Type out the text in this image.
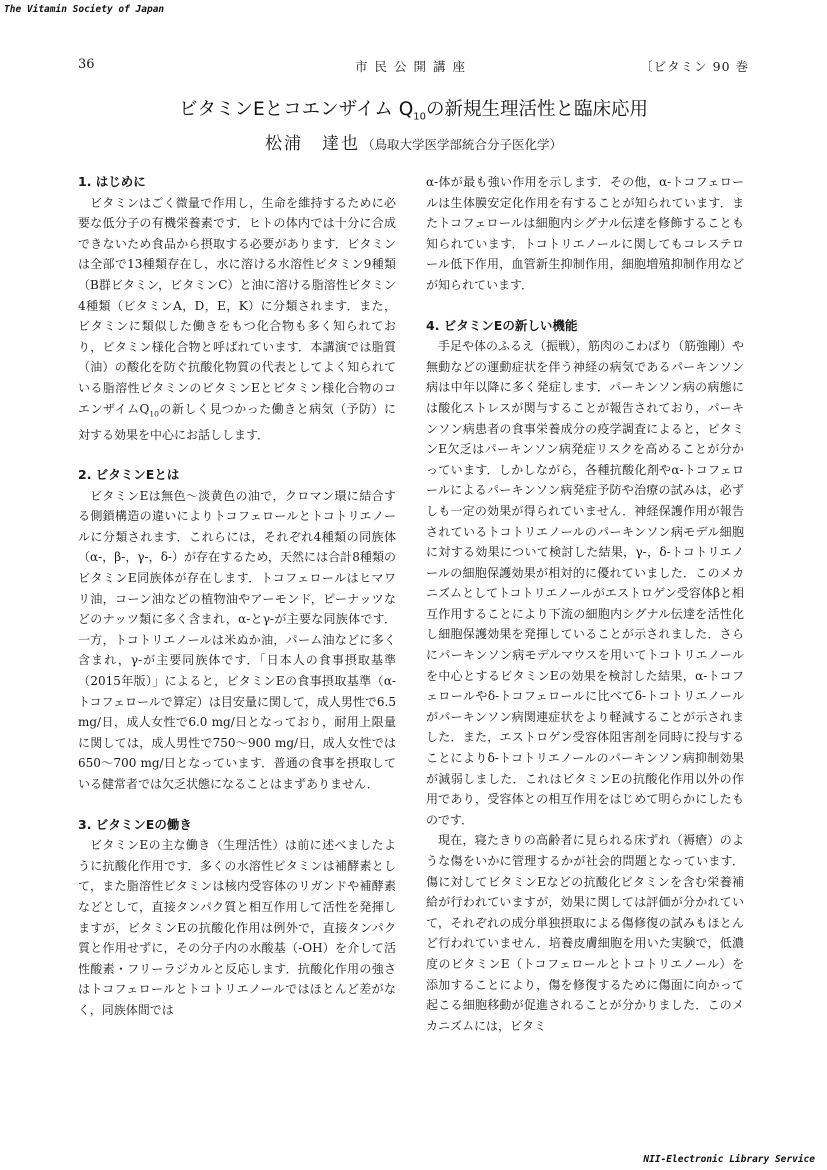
The Vitamin Society of Japan
36	市民公開講座	〔ビタミン 90 巻
ビタミンEとコエンザイム $Q_{10}$の新規生理活性と臨床応用
松浦　達也 （鳥取大学医学部統合分子医化学）
1. はじめに

ビタミンはごく微量で作用し，生命を維持するために必要な低分子の有機栄養素です．ヒトの体内では十分に合成できないため食品から摂取する必要があります．ビタミンは全部で13種類存在し，水に溶ける水溶性ビタミン9種類（B群ビタミン，ビタミンC）と油に溶ける脂溶性ビタミン4種類（ビタミンA，D，E，K）に分類されます．また，ビタミンに類似した働きをもつ化合物も多く知られており，ビタミン様化合物と呼ばれています．本講演では脂質（油）の酸化を防ぐ抗酸化物質の代表としてよく知られている脂溶性ビタミンのビタミンEとビタミン様化合物のコエンザイム$Q_{10}$の新しく見つかった働きと病気（予防）に対する効果を中心にお話しします．

2. ビタミンEとは

ビタミンEは無色～淡黄色の油で，クロマン環に結合する側鎖構造の違いによりトコフェロールとトコトリエノールに分類されます．これらには，それぞれ4種類の同族体（α-，β-，γ-，δ-）が存在するため，天然には合計8種類のビタミンE同族体が存在します．トコフェロールはヒマワリ油，コーン油などの植物油やアーモンド，ピーナッツなどのナッツ類に多く含まれ，α-とγ-が主要な同族体です．一方，トコトリエノールは米ぬか油，パーム油などに多く含まれ，γ-が主要同族体です．「日本人の食事摂取基準（2015年版）」によると，ビタミンEの食事摂取基準（α-トコフェロールで算定）は目安量に関して，成人男性で6.5 mg/日，成人女性で6.0 mg/日となっており，耐用上限量に関しては，成人男性で750～900 mg/日，成人女性では650～700 mg/日となっています．普通の食事を摂取している健常者では欠乏状態になることはまずありません．

3. ビタミンEの働き

ビタミンEの主な働き（生理活性）は前に述べましたように抗酸化作用です．多くの水溶性ビタミンは補酵素として，また脂溶性ビタミンは核内受容体のリガンドや補酵素などとして，直接タンパク質と相互作用して活性を発揮しますが，ビタミンEの抗酸化作用は例外で，直接タンパク質と作用せずに，その分子内の水酸基（-OH）を介して活性酸素・フリーラジカルと反応します．抗酸化作用の強さはトコフェロールとトコトリエノールではほとんど差がなく，同族体間では

α-体が最も強い作用を示します．その他，α-トコフェロールは生体膜安定化作用を有することが知られています．またトコフェロールは細胞内シグナル伝達を修飾することも知られています．トコトリエノールに関してもコレステロール低下作用，血管新生抑制作用，細胞増殖抑制作用などが知られています．

4. ビタミンEの新しい機能

手足や体のふるえ（振戦），筋肉のこわばり（筋強剛）や無動などの運動症状を伴う神経の病気であるパーキンソン病は中年以降に多く発症します．パーキンソン病の病態には酸化ストレスが関与することが報告されており，パーキンソン病患者の食事栄養成分の疫学調査によると，ビタミンE欠乏はパーキンソン病発症リスクを高めることが分かっています．しかしながら，各種抗酸化剤やα-トコフェロールによるパーキンソン病発症予防や治療の試みは，必ずしも一定の効果が得られていません．神経保護作用が報告されているトコトリエノールのパーキンソン病モデル細胞に対する効果について検討した結果，γ-，δ-トコトリエノールの細胞保護効果が相対的に優れていました．このメカニズムとしてトコトリエノールがエストロゲン受容体βと相互作用することにより下流の細胞内シグナル伝達を活性化し細胞保護効果を発揮していることが示されました．さらにパーキンソン病モデルマウスを用いてトコトリエノールを中心とするビタミンEの効果を検討した結果，α-トコフェロールやδ-トコフェロールに比べてδ-トコトリエノールがパーキンソン病関連症状をより軽減することが示されました．また，エストロゲン受容体阻害剤を同時に投与することによりδ-トコトリエノールのパーキンソン病抑制効果が減弱しました．これはビタミンEの抗酸化作用以外の作用であり，受容体との相互作用をはじめて明らかにしたものです．

現在，寝たきりの高齢者に見られる床ずれ（褥瘡）のような傷をいかに管理するかが社会的問題となっています．傷に対してビタミンEなどの抗酸化ビタミンを含む栄養補給が行われていますが，効果に関しては評価が分かれていて，それぞれの成分単独摂取による傷修復の試みもほとんど行われていません．培養皮膚細胞を用いた実験で，低濃度のビタミンE（トコフェロールとトコトリエノール）を添加することにより，傷を修復するために傷面に向かって起こる細胞移動が促進されることが分かりました．このメカニズムには，ビタミ

NII-Electronic Library Service
